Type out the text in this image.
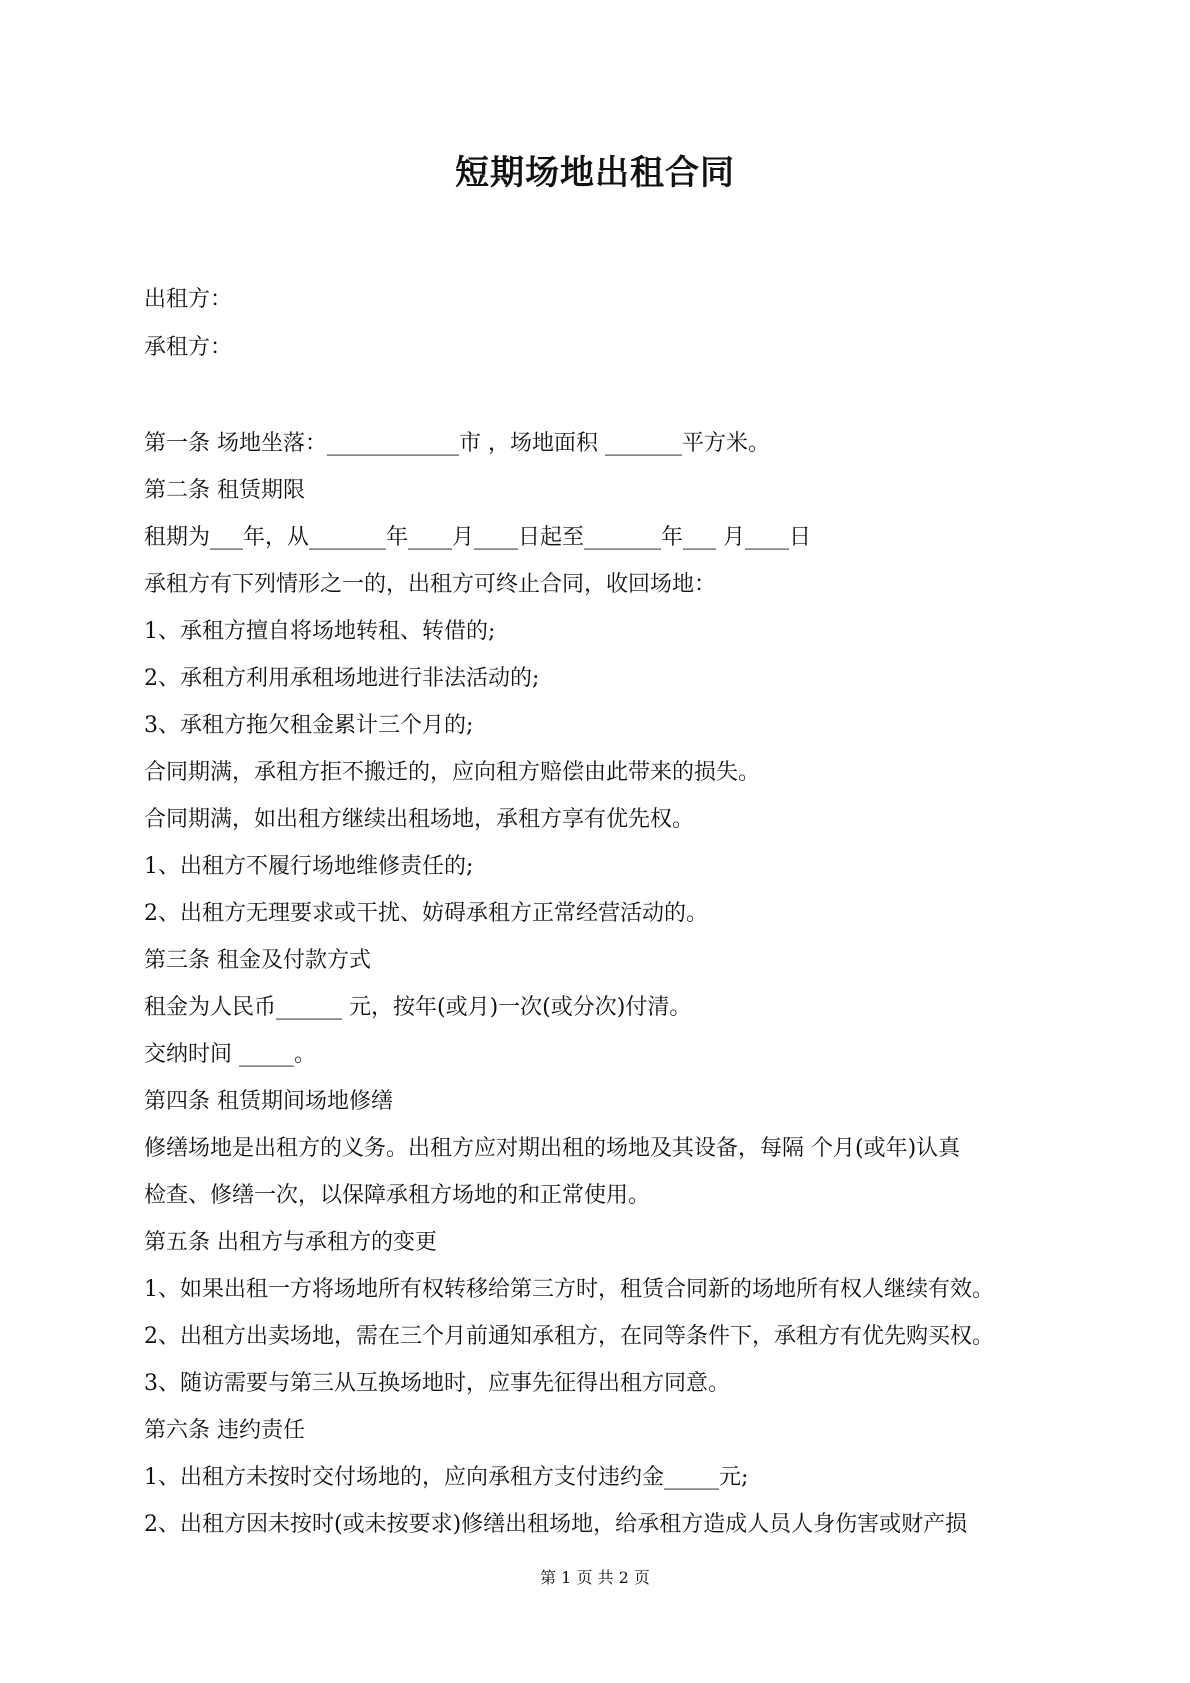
短期场地出租合同
出租方：
承租方：
第一条 场地坐落：____________市 ，场地面积 _______平方米。
第二条 租赁期限
租期为___年，从_______年____月____日起至_______年___ 月____日
承租方有下列情形之一的，出租方可终止合同，收回场地：
1、承租方擅自将场地转租、转借的;
2、承租方利用承租场地进行非法活动的;
3、承租方拖欠租金累计三个月的;
合同期满，承租方拒不搬迁的，应向租方赔偿由此带来的损失。
合同期满，如出租方继续出租场地，承租方享有优先权。
1、出租方不履行场地维修责任的;
2、出租方无理要求或干扰、妨碍承租方正常经营活动的。
第三条 租金及付款方式
租金为人民币______ 元，按年(或月)一次(或分次)付清。
交纳时间 _____。
第四条 租赁期间场地修缮
修缮场地是出租方的义务。出租方应对期出租的场地及其设备，每隔 个月(或年)认真
检查、修缮一次，以保障承租方场地的和正常使用。
第五条 出租方与承租方的变更
1、如果出租一方将场地所有权转移给第三方时，租赁合同新的场地所有权人继续有效。
2、出租方出卖场地，需在三个月前通知承租方，在同等条件下，承租方有优先购买权。
3、随访需要与第三从互换场地时，应事先征得出租方同意。
第六条 违约责任
1、出租方未按时交付场地的，应向承租方支付违约金_____元;
2、出租方因未按时(或未按要求)修缮出租场地，给承租方造成人员人身伤害或财产损
第 1 页 共 2 页
